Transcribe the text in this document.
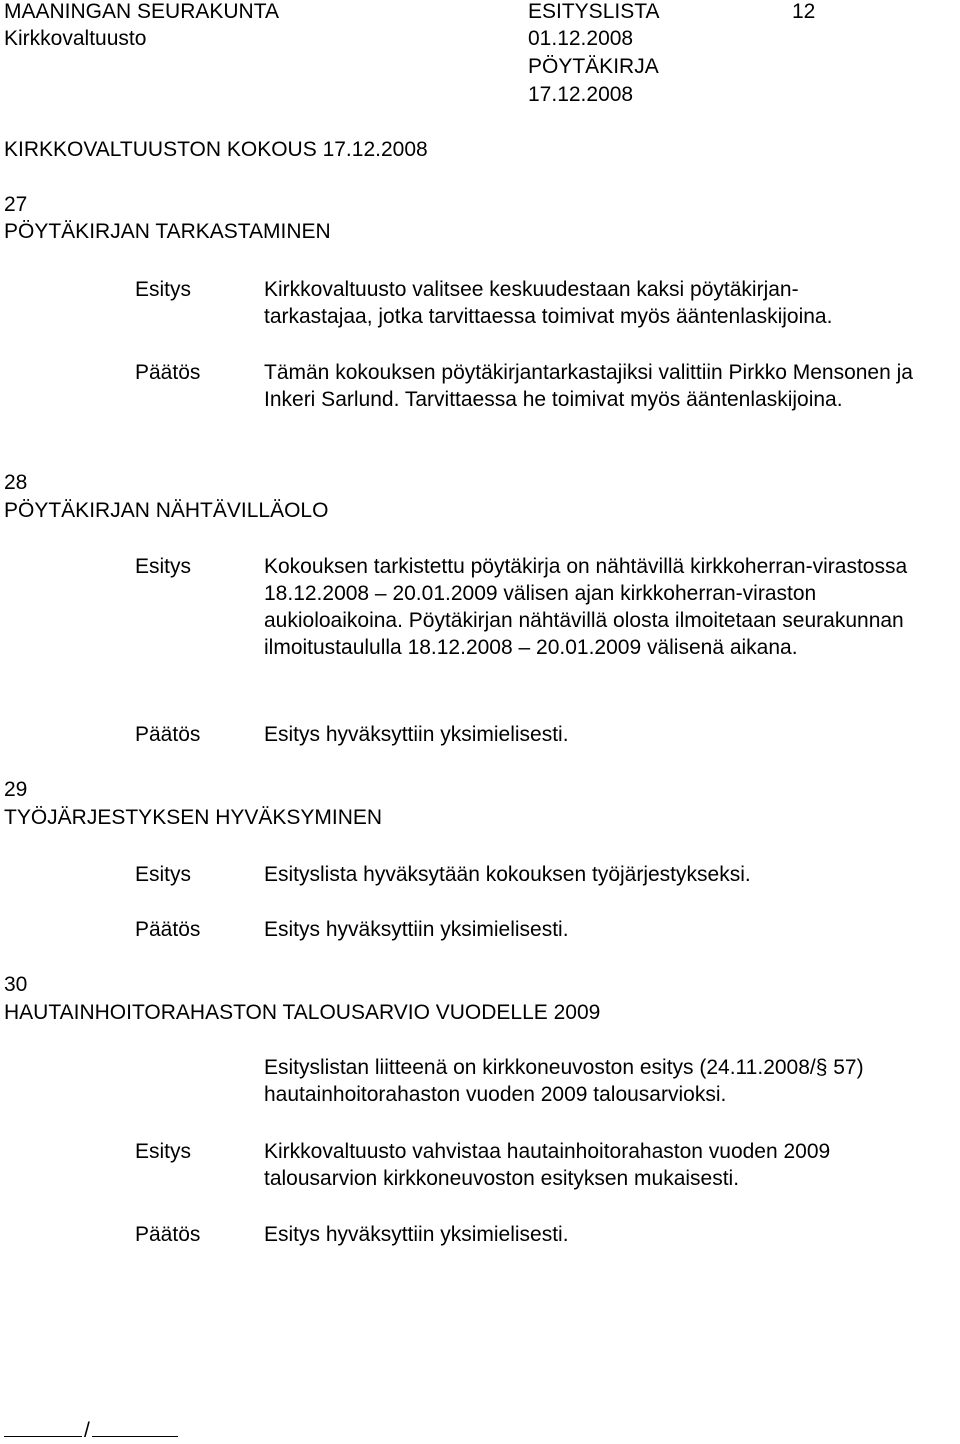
MAANINGAN SEURAKUNTA
Kirkkovaltuusto
ESITYSLISTA
01.12.2008
PÖYTÄKIRJA
17.12.2008
12
KIRKKOVALTUUSTON KOKOUS 17.12.2008
27
PÖYTÄKIRJAN TARKASTAMINEN
Esitys	Kirkkovaltuusto valitsee keskuudestaan kaksi pöytäkirjan-tarkastajaa, jotka tarvittaessa toimivat myös ääntenlaskijoina.
Päätös	Tämän kokouksen pöytäkirjantarkastajiksi valittiin Pirkko Mensonen ja Inkeri Sarlund. Tarvittaessa he toimivat myös ääntenlaskijoina.
28
PÖYTÄKIRJAN NÄHTÄVILLÄOLO
Esitys	Kokouksen tarkistettu pöytäkirja on nähtävillä kirkkoherran-virastossa 18.12.2008 – 20.01.2009 välisen ajan kirkkoherran-viraston aukioloaikoina. Pöytäkirjan nähtävillä olosta ilmoitetaan seurakunnan ilmoitustaululla 18.12.2008 – 20.01.2009 välisenä aikana.
Päätös	Esitys hyväksyttiin yksimielisesti.
29
TYÖJÄRJESTYKSEN HYVÄKSYMINEN
Esitys	Esityslista hyväksytään kokouksen työjärjestykseksi.
Päätös	Esitys hyväksyttiin yksimielisesti.
30
HAUTAINHOITORAHASTON TALOUSARVIO VUODELLE 2009
Esityslistan liitteenä on kirkkoneuvoston esitys (24.11.2008/§ 57) hautainhoitorahaston vuoden 2009 talousarvioksi.
Esitys	Kirkkovaltuusto vahvistaa hautainhoitorahaston vuoden 2009 talousarvion kirkkoneuvoston esityksen mukaisesti.
Päätös	Esitys hyväksyttiin yksimielisesti.
/
